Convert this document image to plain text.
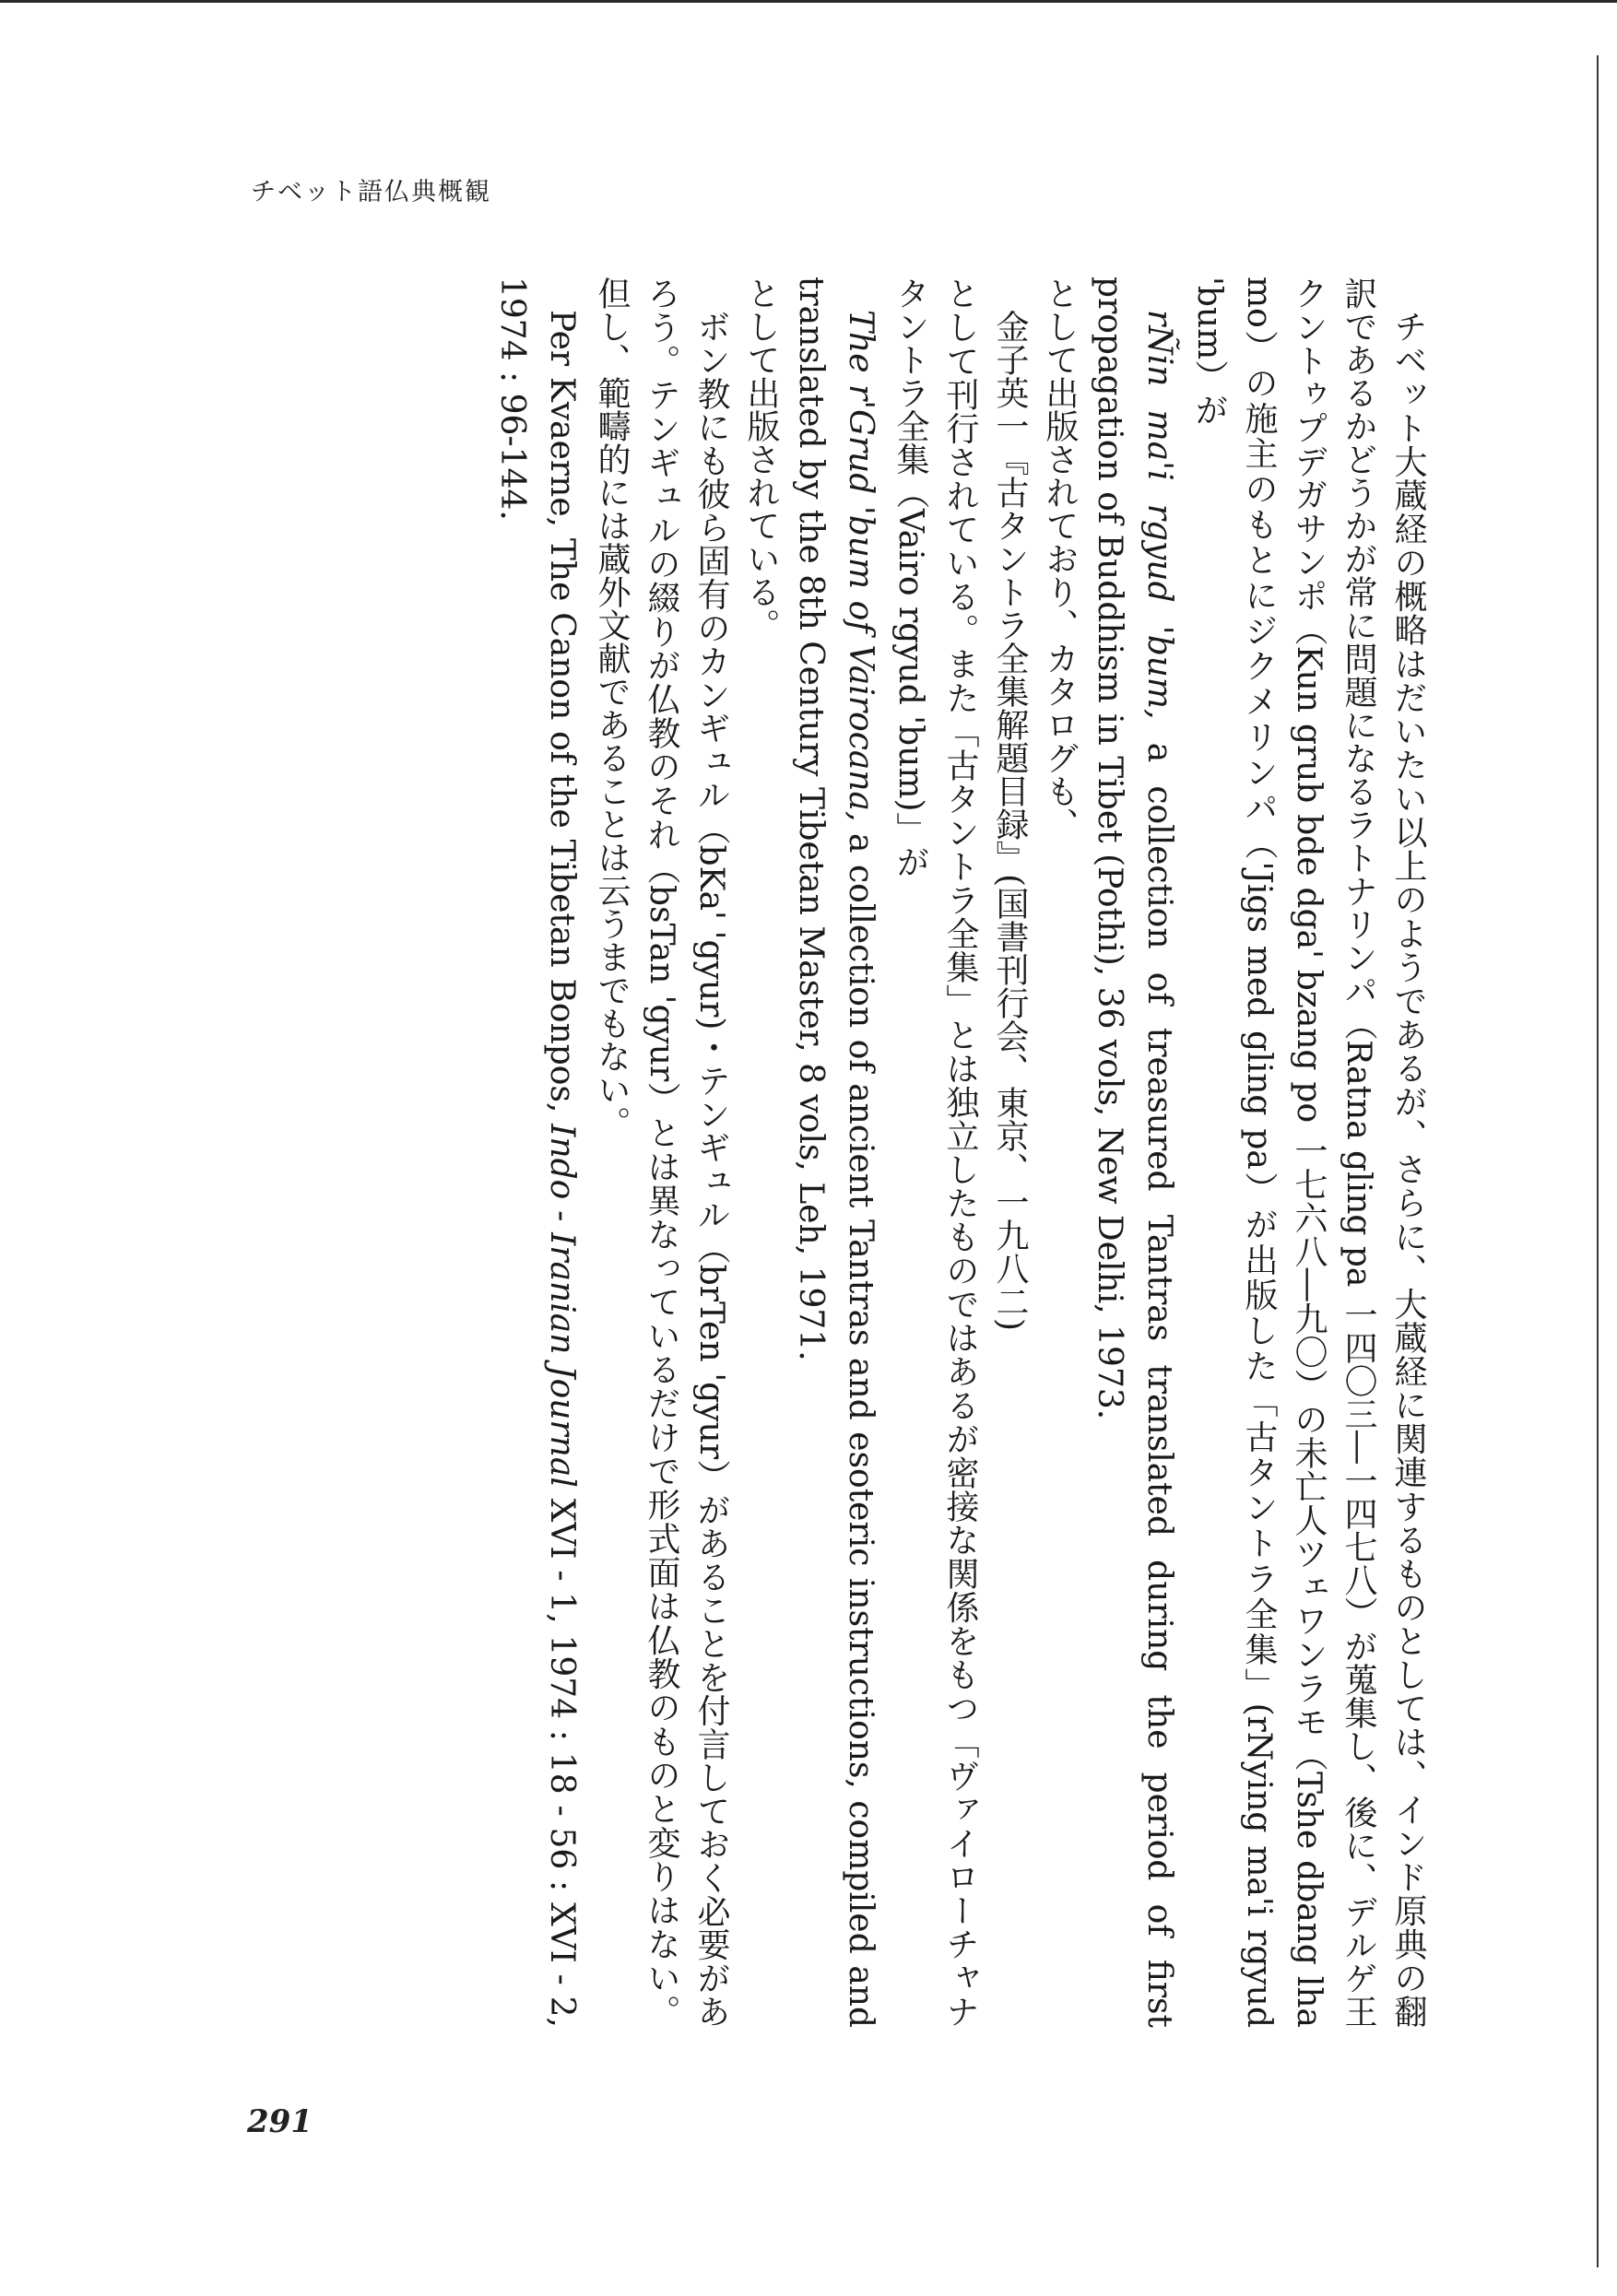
チベット語仏典概観

チベット大蔵経の概略はだいたい以上のようであるが、さらに、大蔵経に関連するものとしては、インド原典の翻訳であるかどうかが常に問題になるラトナリンパ（Ratna gling pa 一四〇三―一四七八）が蒐集し、後に、デルゲ王クントゥプデガサンポ（Kun grub bde dga' bzang po 一七六八―九〇）の未亡人ツェワンラモ（Tshe dbang lha mo）の施主のもとにジクメリンパ（'Jigs med gling pa）が出版した「古タントラ全集」(rNying ma'i rgyud 'bum）が

rÑin ma'i rgyud 'bum, a collection of treasured Tantras translated during the period of first propagation of Buddhism in Tibet (Pothi), 36 vols, New Delhi, 1973.

として出版されており、カタログも、

金子英一『古タントラ全集解題目録』(国書刊行会、東京、一九八二)

として刊行されている。また「古タントラ全集」とは独立したものではあるが密接な関係をもつ「ヴァイローチャナタントラ全集（Vairo rgyud 'bum)」が

The r'Grud 'bum of Vairocana, a collection of ancient Tantras and esoteric instructions, compiled and translated by the 8th Century Tibetan Master, 8 vols, Leh, 1971.

として出版されている。

ボン教にも彼ら固有のカンギュル（bKa' 'gyur)・テンギュル（brTen 'gyur）があることを付言しておく必要があろう。テンギュルの綴りが仏教のそれ（bsTan 'gyur）とは異なっているだけで形式面は仏教のものと変りはない。但し、範疇的には蔵外文献であることは云うまでもない。

Per Kvaerne, The Canon of the Tibetan Bonpos, Indo - Iranian Journal XVI - 1, 1974 : 18 - 56 : XVI - 2, 1974 : 96-144.

291
